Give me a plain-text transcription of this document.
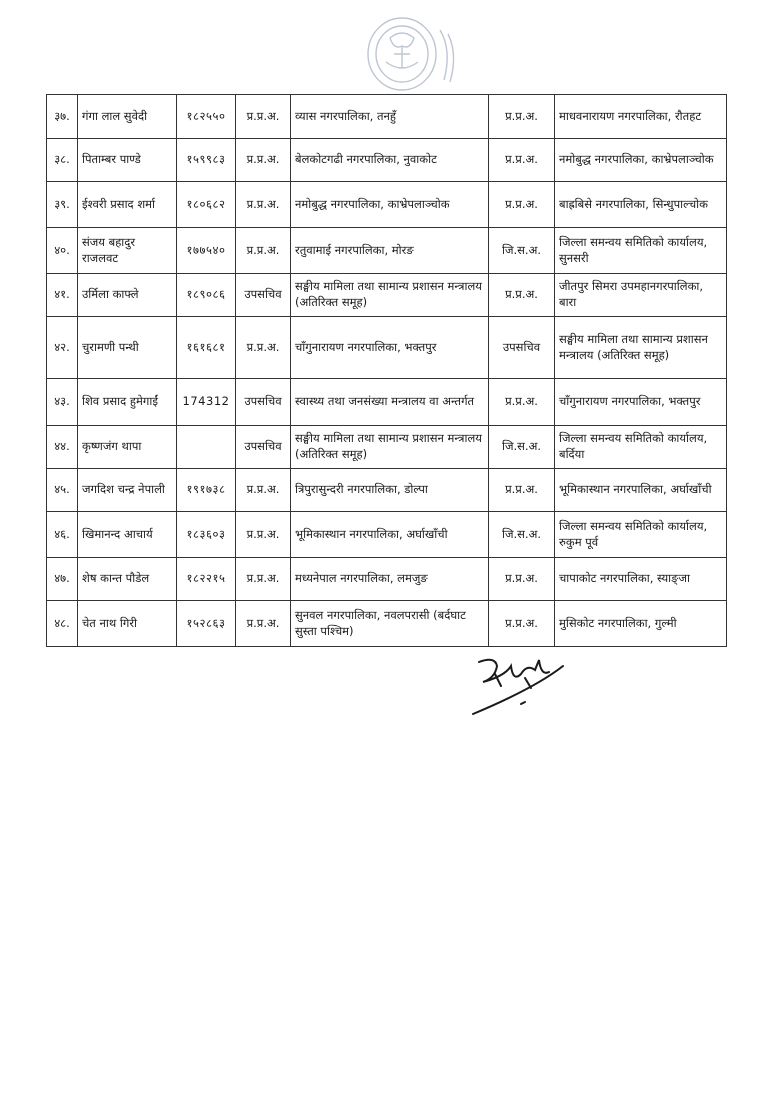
३७.	गंगा लाल सुवेदी	१८२५५०	प्र.प्र.अ.	व्यास नगरपालिका, तनहुँ	प्र.प्र.अ.	माधवनारायण नगरपालिका, रौतहट
३८.	पिताम्बर पाण्डे	१५९९८३	प्र.प्र.अ.	बेलकोटगढी नगरपालिका, नुवाकोट	प्र.प्र.अ.	नमोबुद्ध नगरपालिका, काभ्रेपलाञ्चोक
३९.	ईश्वरी प्रसाद शर्मा	१८०६८२	प्र.प्र.अ.	नमोबुद्ध नगरपालिका, काभ्रेपलाञ्चोक	प्र.प्र.अ.	बाह्रबिसे नगरपालिका, सिन्धुपाल्चोक
४०.	संजय बहादुर राजलवट	१७७५४०	प्र.प्र.अ.	रतुवामाई नगरपालिका, मोरङ	जि.स.अ.	जिल्ला समन्वय समितिको कार्यालय, सुनसरी
४१.	उर्मिला काफ्ले	१८९०८६	उपसचिव	सङ्घीय मामिला तथा सामान्य प्रशासन मन्त्रालय (अतिरिक्त समूह)	प्र.प्र.अ.	जीतपुर सिमरा उपमहानगरपालिका, बारा
४२.	चुरामणी पन्थी	१६१६८१	प्र.प्र.अ.	चाँगुनारायण नगरपालिका, भक्तपुर	उपसचिव	सङ्घीय मामिला तथा सामान्य प्रशासन मन्त्रालय (अतिरिक्त समूह)
४३.	शिव प्रसाद हुमेगाईं	174312	उपसचिव	स्वास्थ्य तथा जनसंख्या मन्त्रालय वा अन्तर्गत	प्र.प्र.अ.	चाँगुनारायण नगरपालिका, भक्तपुर
४४.	कृष्णजंग थापा		उपसचिव	सङ्घीय मामिला तथा सामान्य प्रशासन मन्त्रालय (अतिरिक्त समूह)	जि.स.अ.	जिल्ला समन्वय समितिको कार्यालय, बर्दिया
४५.	जगदिश चन्द्र नेपाली	१९१७३८	प्र.प्र.अ.	त्रिपुरासुन्दरी नगरपालिका, डोल्पा	प्र.प्र.अ.	भूमिकास्थान नगरपालिका, अर्घाखाँची
४६.	खिमानन्द आचार्य	१८३६०३	प्र.प्र.अ.	भूमिकास्थान नगरपालिका, अर्घाखाँची	जि.स.अ.	जिल्ला समन्वय समितिको कार्यालय, रुकुम पूर्व
४७.	शेष कान्त पौडेल	१८२२१५	प्र.प्र.अ.	मध्यनेपाल नगरपालिका, लमजुङ	प्र.प्र.अ.	चापाकोट नगरपालिका, स्याङ्जा
४८.	चेत नाथ गिरी	१५२८६३	प्र.प्र.अ.	सुनवल नगरपालिका, नवलपरासी (बर्दघाट सुस्ता पश्चिम)	प्र.प्र.अ.	मुसिकोट नगरपालिका, गुल्मी
